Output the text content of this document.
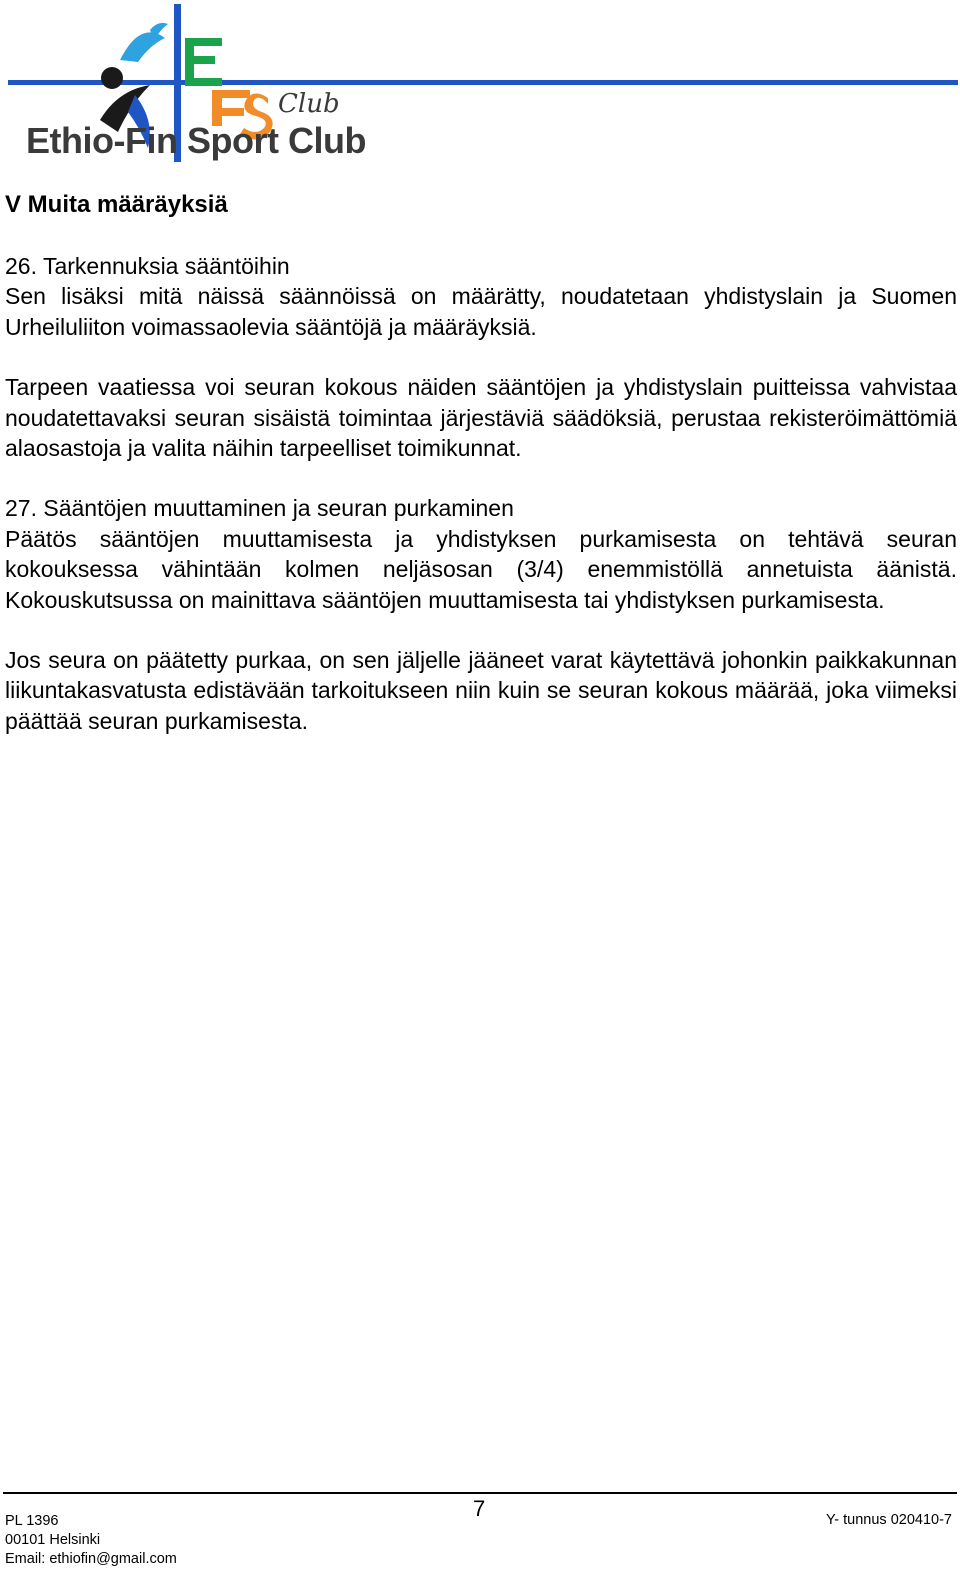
Club
Ethio-Fin Sport Club
V Muita määräyksiä

26. Tarkennuksia sääntöihin
Sen lisäksi mitä näissä säännöissä on määrätty, noudatetaan yhdistyslain ja Suomen Urheiluliiton voimassaolevia sääntöjä ja määräyksiä.

Tarpeen vaatiessa voi seuran kokous näiden sääntöjen ja yhdistyslain puitteissa vahvistaa noudatettavaksi seuran sisäistä toimintaa järjestäviä säädöksiä, perustaa rekisteröimättömiä alaosastoja ja valita näihin tarpeelliset toimikunnat.

27. Sääntöjen muuttaminen ja seuran purkaminen
Päätös sääntöjen muuttamisesta ja yhdistyksen purkamisesta on tehtävä seuran kokouksessa vähintään kolmen neljäsosan (3/4) enemmistöllä annetuista äänistä. Kokouskutsussa on mainittava sääntöjen muuttamisesta tai yhdistyksen purkamisesta.

Jos seura on päätetty purkaa, on sen jäljelle jääneet varat käytettävä johonkin paikkakunnan liikuntakasvatusta edistävään tarkoitukseen niin kuin se seuran kokous määrää, joka viimeksi päättää seuran purkamisesta.

PL 1396
00101 Helsinki
Email: ethiofin@gmail.com
7	Y- tunnus 020410-7
